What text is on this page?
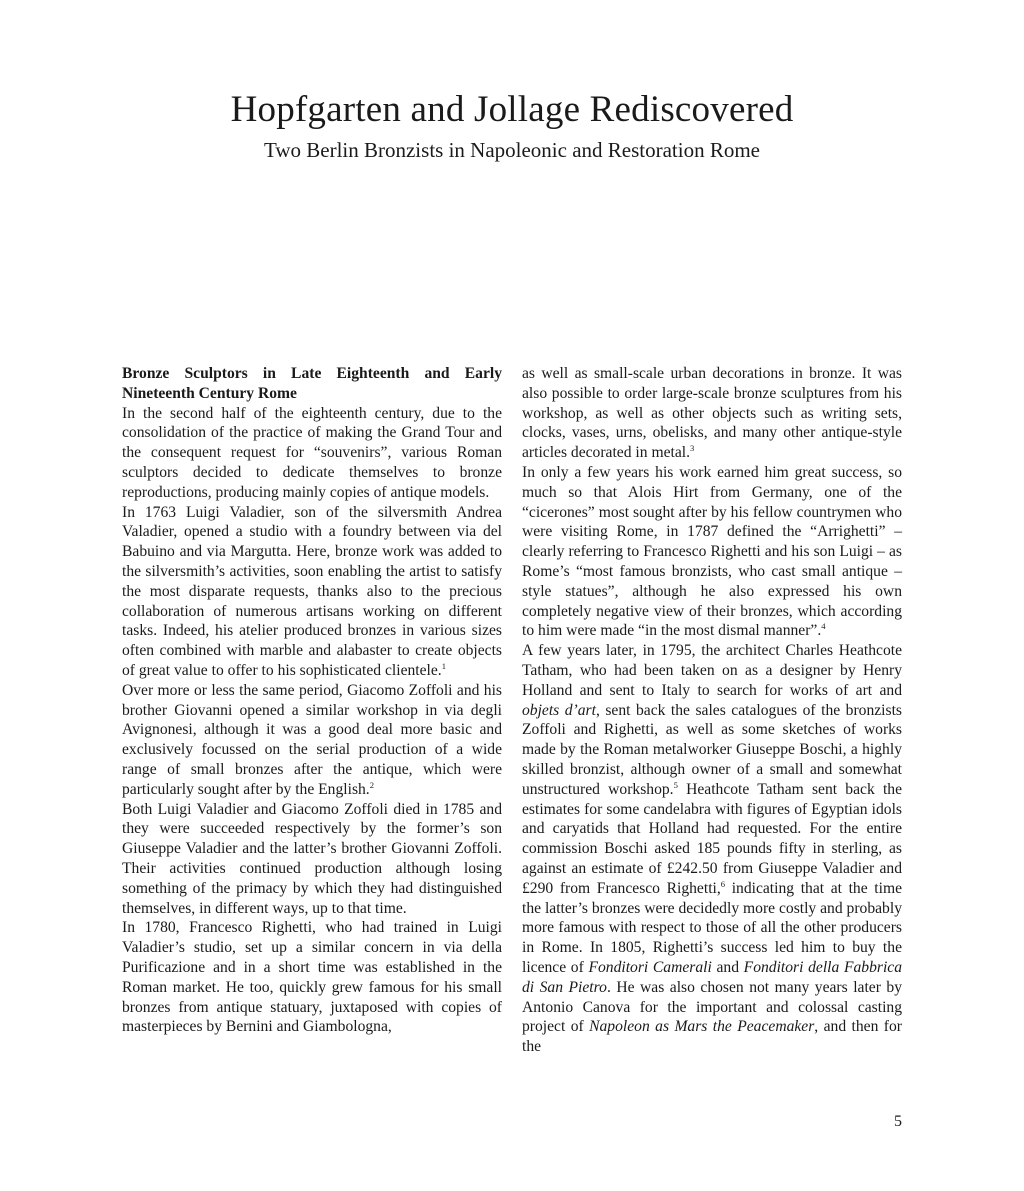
Hopfgarten and Jollage Rediscovered
Two Berlin Bronzists in Napoleonic and Restoration Rome

Bronze Sculptors in Late Eighteenth and Early Nineteenth Century Rome

In the second half of the eighteenth century, due to the consolidation of the practice of making the Grand Tour and the consequent request for “souvenirs”, various Roman sculptors decided to dedicate themselves to bronze reproductions, producing mainly copies of antique models.

In 1763 Luigi Valadier, son of the silversmith Andrea Valadier, opened a studio with a foundry between via del Babuino and via Margutta. Here, bronze work was added to the silversmith’s activities, soon enabling the artist to satisfy the most disparate requests, thanks also to the precious collaboration of numerous artisans working on different tasks. Indeed, his atelier produced bronzes in various sizes often combined with marble and alabaster to create objects of great value to offer to his sophisticated clientele.$^1$

Over more or less the same period, Giacomo Zoffoli and his brother Giovanni opened a similar workshop in via degli Avignonesi, although it was a good deal more basic and exclusively focussed on the serial production of a wide range of small bronzes after the antique, which were particularly sought after by the English.$^2$

Both Luigi Valadier and Giacomo Zoffoli died in 1785 and they were succeeded respectively by the former’s son Giuseppe Valadier and the latter’s brother Giovanni Zoffoli. Their activities continued production although losing something of the primacy by which they had distinguished themselves, in different ways, up to that time.

In 1780, Francesco Righetti, who had trained in Luigi Valadier’s studio, set up a similar concern in via della Purificazione and in a short time was established in the Roman market. He too, quickly grew famous for his small bronzes from antique statuary, juxtaposed with copies of masterpieces by Bernini and Giambologna,

as well as small-scale urban decorations in bronze. It was also possible to order large-scale bronze sculptures from his workshop, as well as other objects such as writing sets, clocks, vases, urns, obelisks, and many other antique-style articles decorated in metal.$^3$

In only a few years his work earned him great success, so much so that Alois Hirt from Germany, one of the “cicerones” most sought after by his fellow countrymen who were visiting Rome, in 1787 defined the “Arrighetti” – clearly referring to Francesco Righetti and his son Luigi – as Rome’s “most famous bronzists, who cast small antique – style statues”, although he also expressed his own completely negative view of their bronzes, which according to him were made “in the most dismal manner”.$^4$

A few years later, in 1795, the architect Charles Heathcote Tatham, who had been taken on as a designer by Henry Holland and sent to Italy to search for works of art and objets d’art, sent back the sales catalogues of the bronzists Zoffoli and Righetti, as well as some sketches of works made by the Roman metalworker Giuseppe Boschi, a highly skilled bronzist, although owner of a small and somewhat unstructured workshop.$^5$ Heathcote Tatham sent back the estimates for some candelabra with figures of Egyptian idols and caryatids that Holland had requested. For the entire commission Boschi asked 185 pounds fifty in sterling, as against an estimate of £242.50 from Giuseppe Valadier and £290 from Francesco Righetti,$^6$ indicating that at the time the latter’s bronzes were decidedly more costly and probably more famous with respect to those of all the other producers in Rome. In 1805, Righetti’s success led him to buy the licence of Fonditori Camerali and Fonditori della Fabbrica di San Pietro. He was also chosen not many years later by Antonio Canova for the important and colossal casting project of Napoleon as Mars the Peacemaker, and then for the

5
